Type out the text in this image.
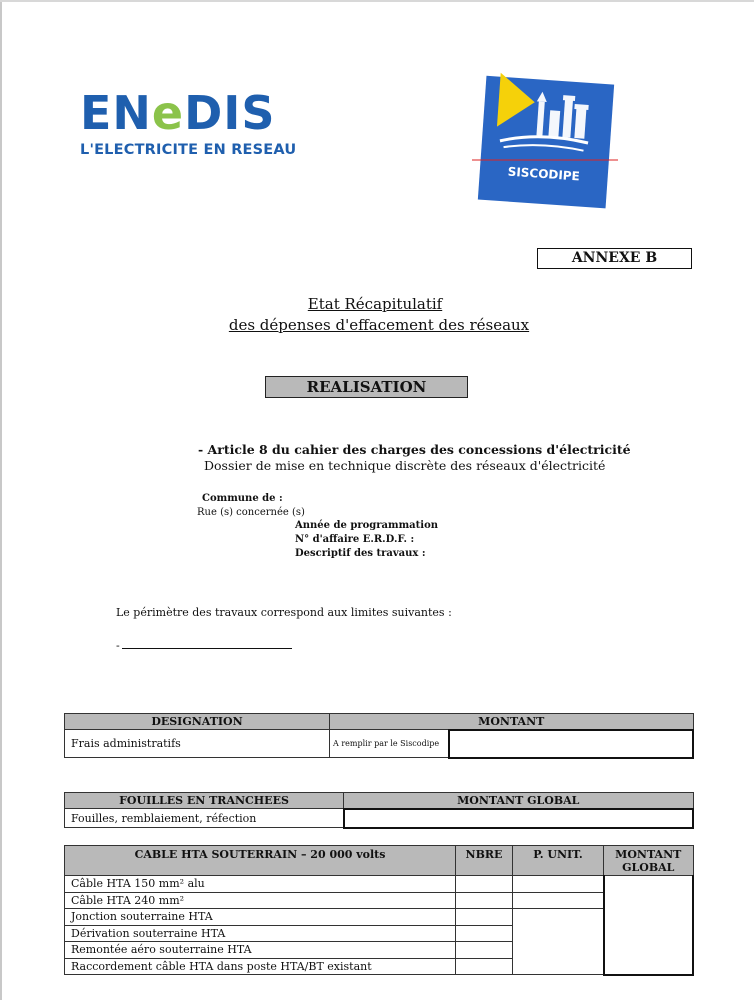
ENeDIS
L'ELECTRICITE EN RESEAU
SISCODIPE
ANNEXE B
Etat Récapitulatif
des dépenses d'effacement des réseaux
REALISATION
- Article 8 du cahier des charges des concessions d'électricité
Dossier de mise en technique discrète des réseaux d'électricité
Commune de :
Rue (s) concernée (s)
Année de programmation
N° d'affaire E.R.D.F. :
Descriptif des travaux :
Le périmètre des travaux correspond aux limites suivantes :
-
DESIGNATION	MONTANT	
Frais administratifs	A remplir par le Siscodipe	
FOUILLES EN TRANCHEES	MONTANT GLOBAL
Fouilles, remblaiement, réfection	
CABLE HTA SOUTERRAIN – 20 000 volts	NBRE	P. UNIT.	MONTANT GLOBAL
Câble HTA 150 mm² alu			
Câble HTA 240 mm²			
Jonction souterraine HTA			
Dérivation souterraine HTA			
Remontée aéro souterraine HTA			
Raccordement câble HTA dans poste HTA/BT existant			
